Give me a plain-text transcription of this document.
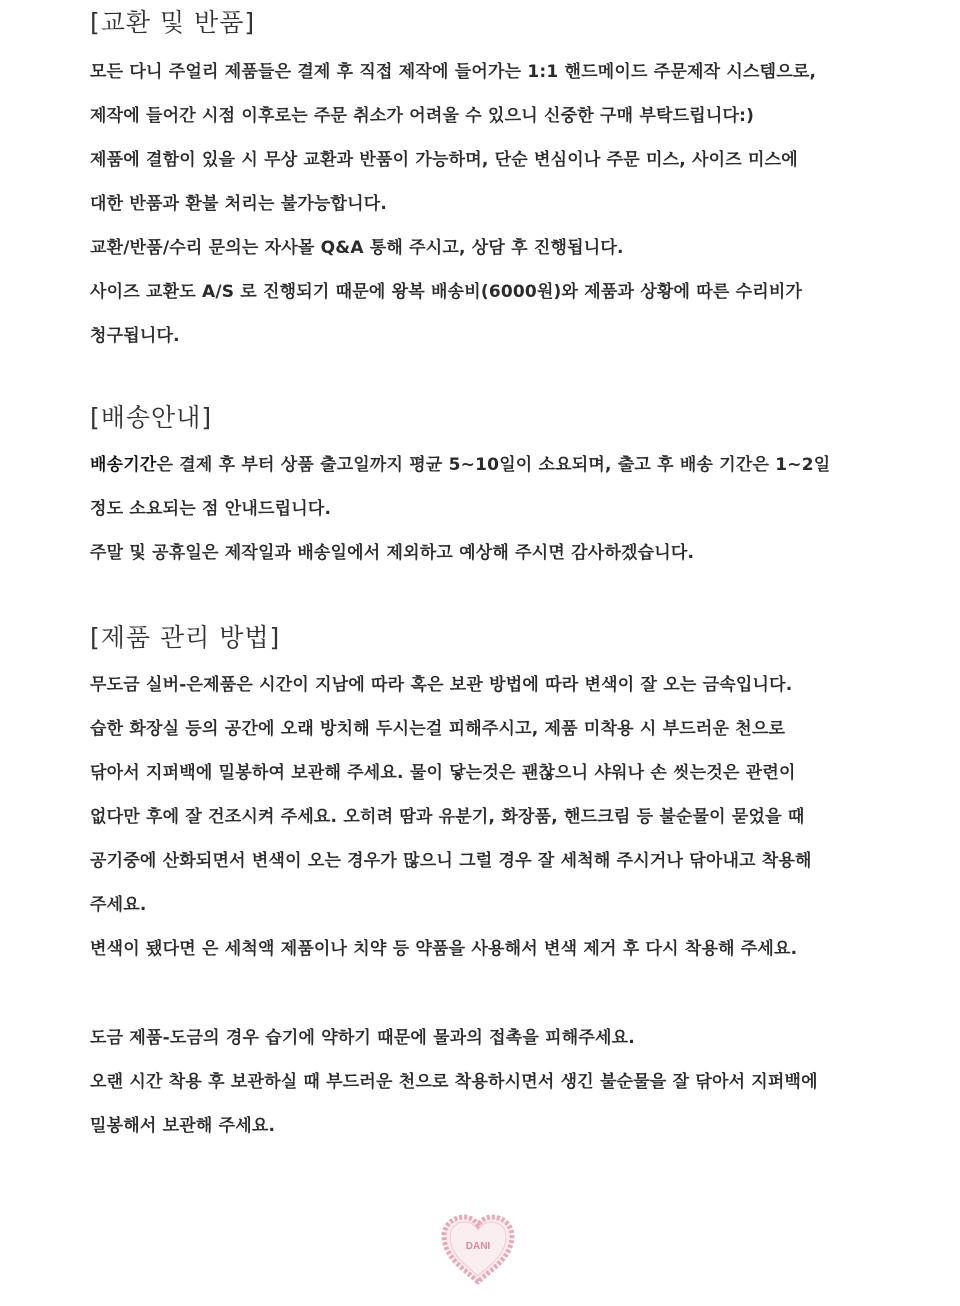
[교환 및 반품]

모든 다니 주얼리 제품들은 결제 후 직접 제작에 들어가는 1:1 핸드메이드 주문제작 시스템으로,

제작에 들어간 시점 이후로는 주문 취소가 어려울 수 있으니 신중한 구매 부탁드립니다:)

제품에 결함이 있을 시 무상 교환과 반품이 가능하며, 단순 변심이나 주문 미스, 사이즈 미스에

대한 반품과 환불 처리는 불가능합니다.

교환/반품/수리 문의는 자사몰 Q&A 통해 주시고, 상담 후 진행됩니다.

사이즈 교환도 A/S 로 진행되기 때문에 왕복 배송비(6000원)와 제품과 상황에 따른 수리비가

청구됩니다.

[배송안내]

배송기간은 결제 후 부터 상품 출고일까지 평균 5~10일이 소요되며, 출고 후 배송 기간은 1~2일

정도 소요되는 점 안내드립니다.

주말 및 공휴일은 제작일과 배송일에서 제외하고 예상해 주시면 감사하겠습니다.

[제품 관리 방법]

무도금 실버-은제품은 시간이 지남에 따라 혹은 보관 방법에 따라 변색이 잘 오는 금속입니다.

습한 화장실 등의 공간에 오래 방치해 두시는걸 피해주시고, 제품 미착용 시 부드러운 천으로

닦아서 지퍼백에 밀봉하여 보관해 주세요. 물이 닿는것은 괜찮으니 샤워나 손 씻는것은 관련이

없다만 후에 잘 건조시켜 주세요. 오히려 땀과 유분기, 화장품, 핸드크림 등 불순물이 묻었을 때

공기중에 산화되면서 변색이 오는 경우가 많으니 그럴 경우 잘 세척해 주시거나 닦아내고 착용해

주세요.

변색이 됐다면 은 세척액 제품이나 치약 등 약품을 사용해서 변색 제거 후 다시 착용해 주세요.

도금 제품-도금의 경우 습기에 약하기 때문에 물과의 접촉을 피해주세요.

오랜 시간 착용 후 보관하실 때 부드러운 천으로 착용하시면서 생긴 불순물을 잘 닦아서 지퍼백에

밀봉해서 보관해 주세요.

DANI
